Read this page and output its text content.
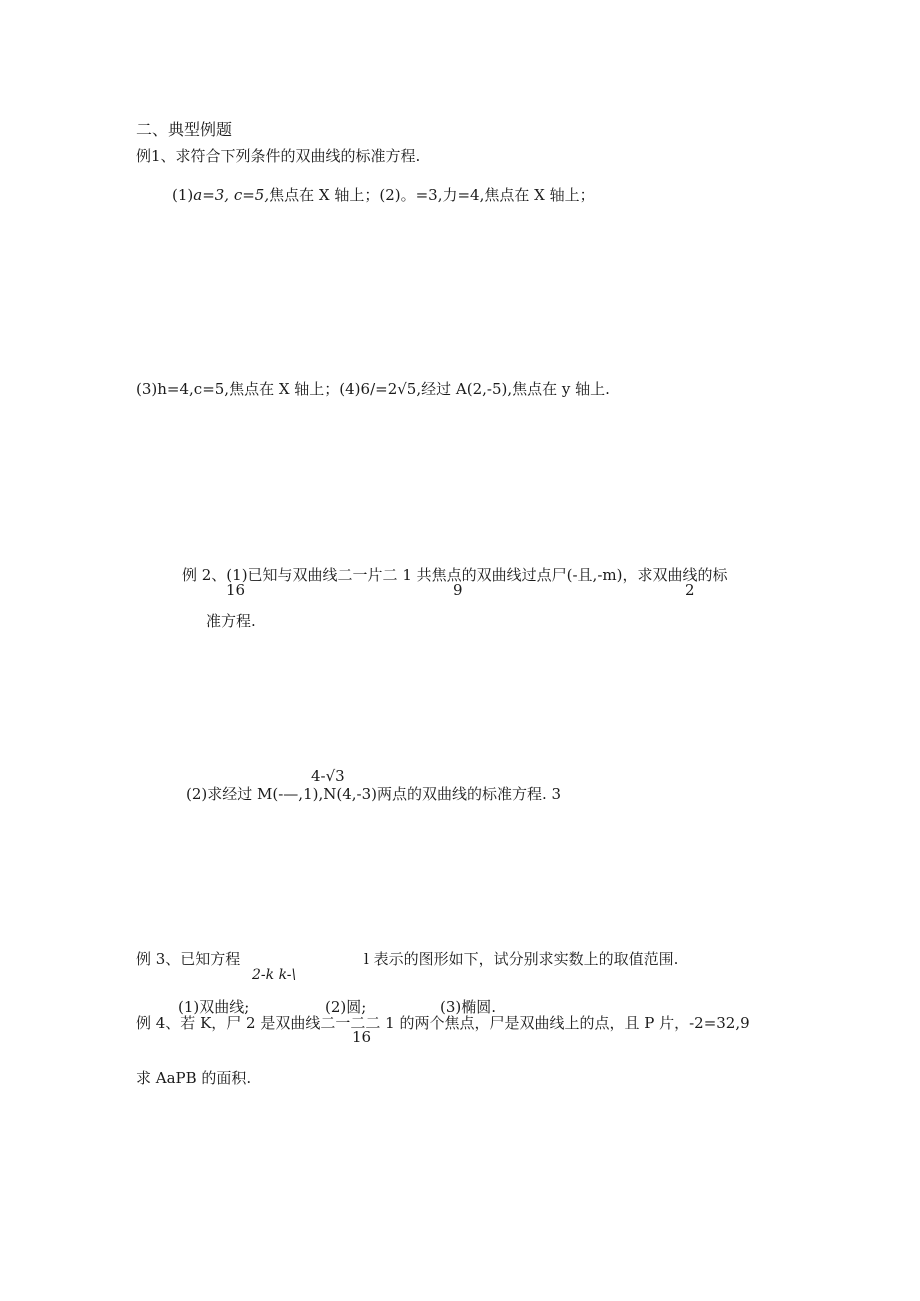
二、典型例题
例1、求符合下列条件的双曲线的标准方程.
(1)a=3, c=5,焦点在 X 轴上；(2)。=3,力=4,焦点在 X 轴上；
(3)h=4,c=5,焦点在 X 轴上；(4)6/=2√5,经过 A(2,-5),焦点在 y 轴上.
例 2、(1)已知与双曲线二一片二 1 共焦点的双曲线过点尸(-且,-m)，求双曲线的标
16	9	2
准方程.
4-√3
(2)求经过 M(-—,1),N(4,-3)两点的双曲线的标准方程. 3
例 3、已知方程
2-k k-\
l 表示的图形如下，试分别求实数上的取值范围.
(1)双曲线;	(2)圆;	(3)椭圆.
例 4、若 K，尸 2 是双曲线二一二二 1 的两个焦点，尸是双曲线上的点，且 P 片，-2=32,9
16
求 AaPB 的面积.
